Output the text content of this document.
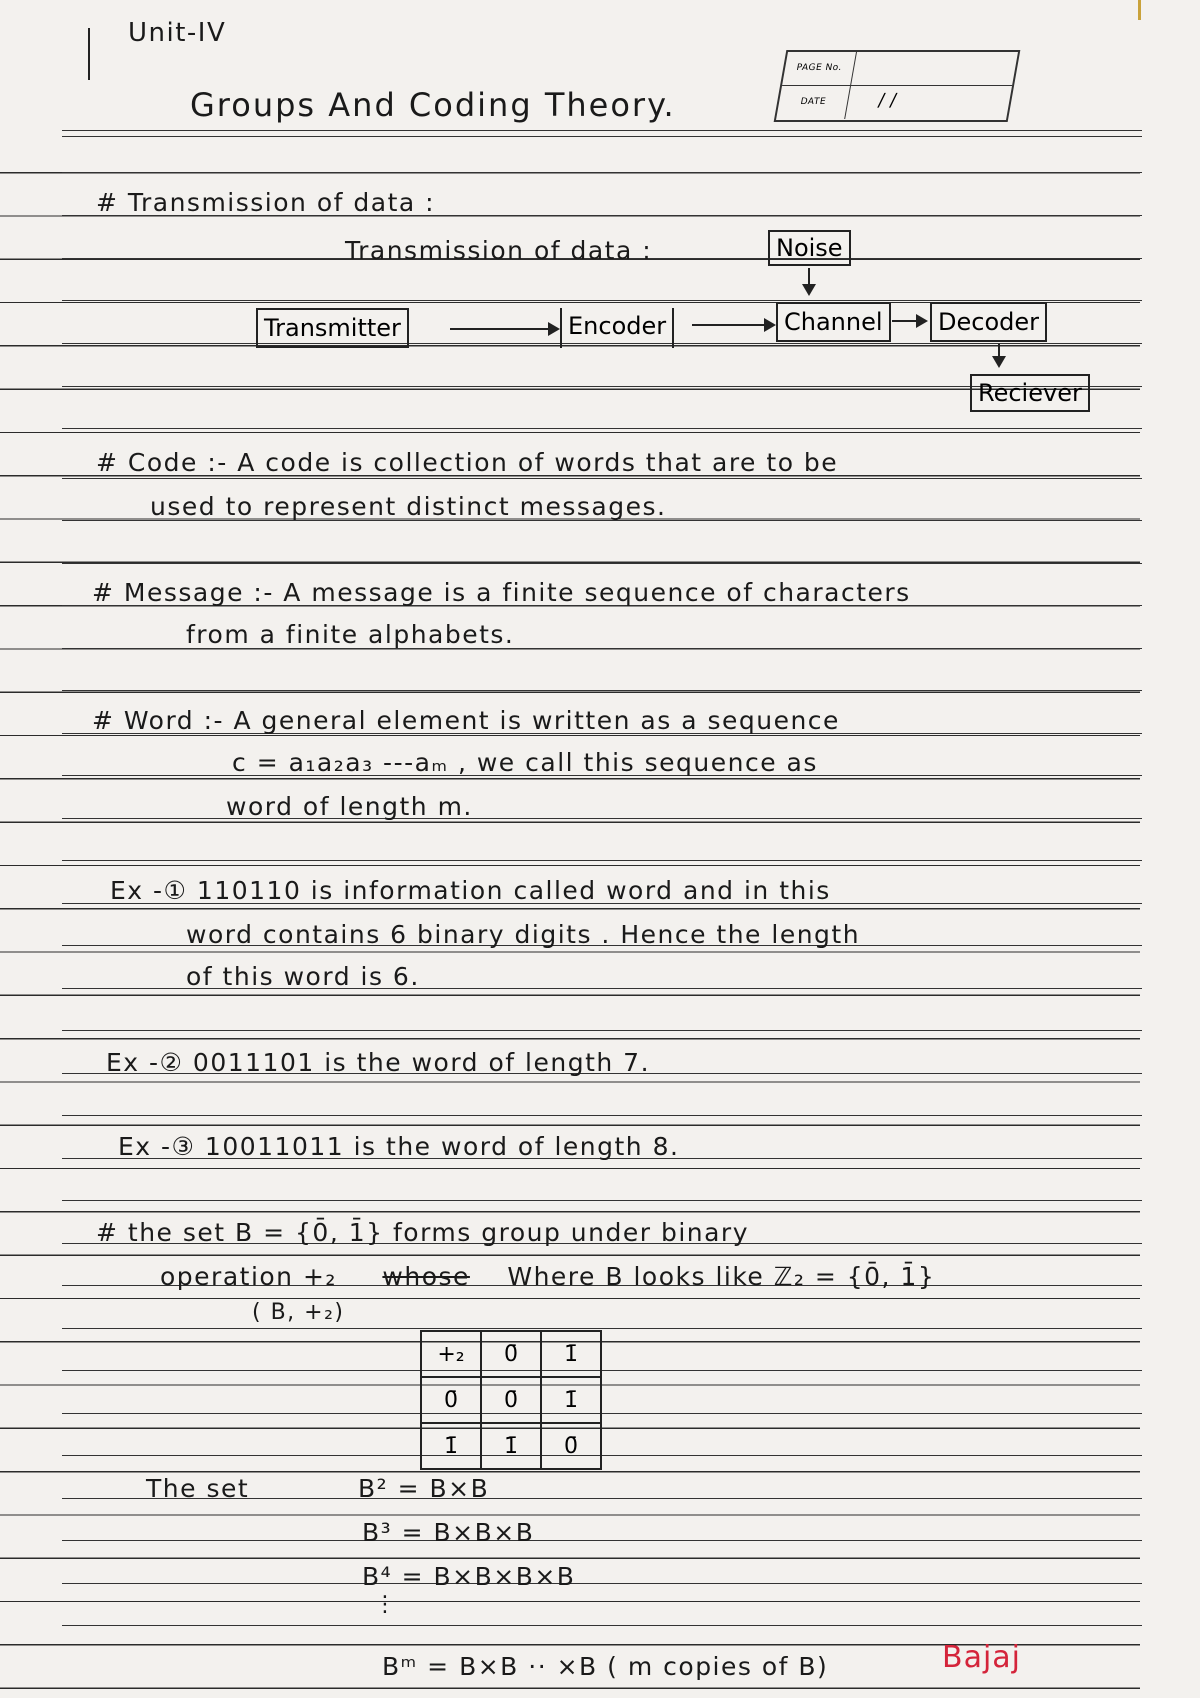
Unit-IV
PAGE No.
DATE	/ /
Groups And Coding Theory.
# Transmission of data :
Transmission of data :	Noise
Transmitter	Encoder	Channel	Decoder
Reciever
# Code :- A code is collection of words that are to be
used to represent distinct messages.
# Message :- A message is a finite sequence of characters
from a finite alphabets.
# Word :- A general element is written as a sequence
c = a₁a₂a₃ ---aₘ , we call this sequence as
word of length m.
Ex -① 110110 is information called word and in this
word contains 6 binary digits . Hence the length
of this word is 6.
Ex -② 0011101 is the word of length 7.
Ex -③ 10011011 is the word of length 8.
# the set B = {0̄, 1̄} forms group under binary
operation +₂ whose Where B looks like ℤ₂ = {0̄, 1̄}
( B, +₂)
+₂	0̄	1̄
0̄	0̄	1̄
1̄	1̄	0̄
The set	B² = B×B
B³ = B×B×B
B⁴ = B×B×B×B
⋮
Bᵐ = B×B ·· ×B ( m copies of B)	Bajaj
